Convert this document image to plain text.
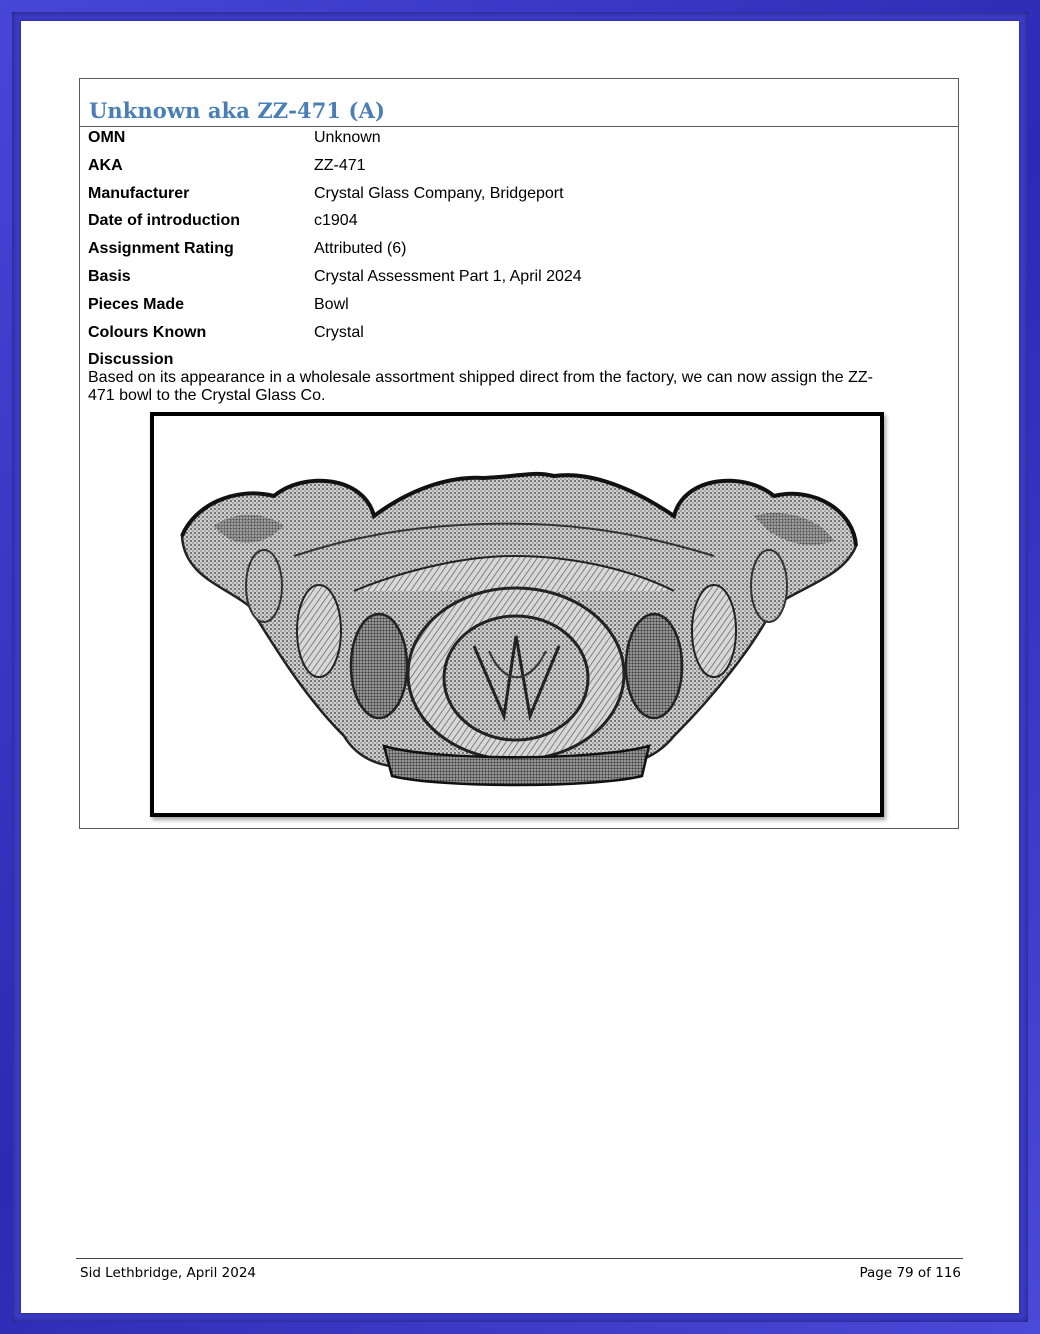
Unknown aka ZZ-471 (A)
OMN	Unknown
AKA	ZZ-471
Manufacturer	Crystal Glass Company, Bridgeport
Date of introduction	c1904
Assignment Rating	Attributed (6)
Basis	Crystal Assessment Part 1, April 2024
Pieces Made	Bowl
Colours Known	Crystal
Discussion
Based on its appearance in a wholesale assortment shipped direct from the factory, we can now assign the ZZ-
471 bowl to the Crystal Glass Co.
Sid Lethbridge, April 2024	Page 79 of 116
